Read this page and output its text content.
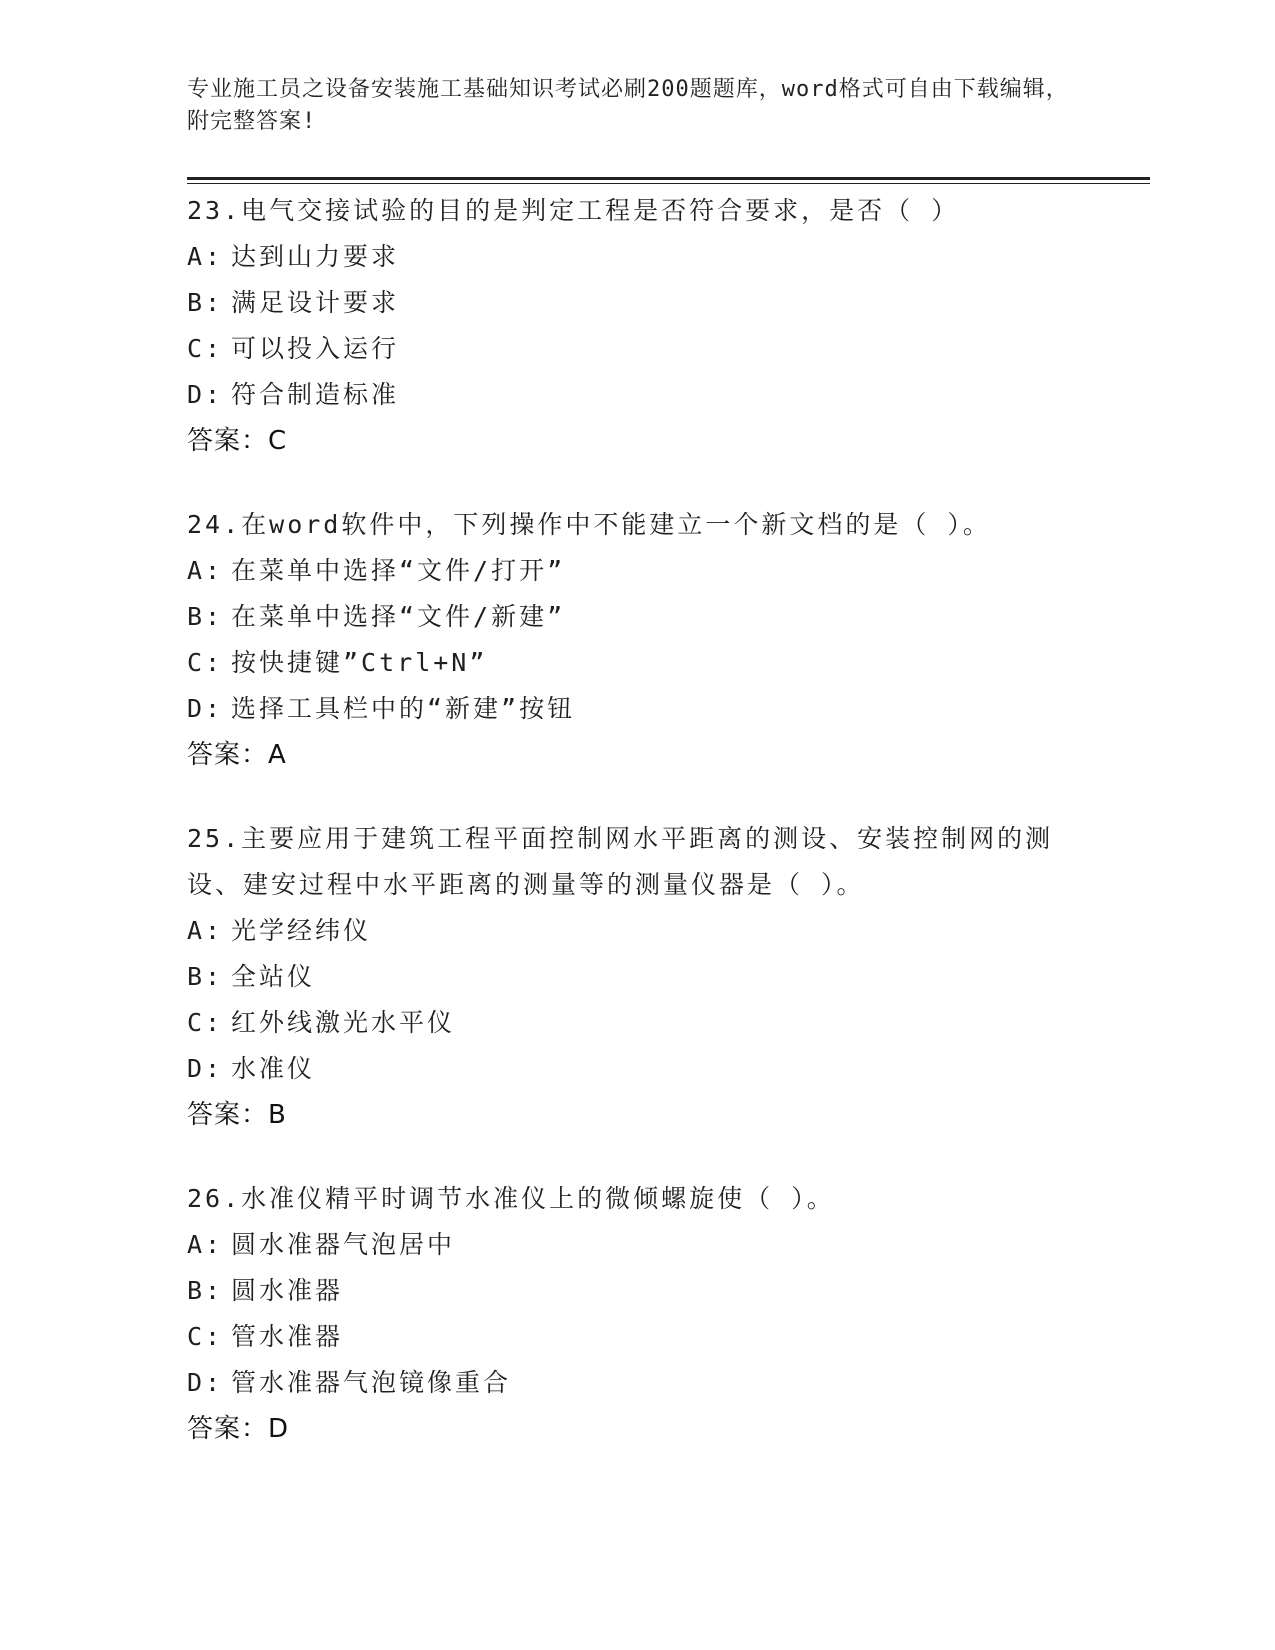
专业施工员之设备安装施工基础知识考试必刷200题题库，word格式可自由下载编辑，附完整答案!
23.电气交接试验的目的是判定工程是否符合要求，是否（ ）
A: 达到山力要求
B: 满足设计要求
C: 可以投入运行
D: 符合制造标准
答案：C
24.在word软件中，下列操作中不能建立一个新文档的是（ ）。
A: 在菜单中选择“文件/打开”
B: 在菜单中选择“文件/新建”
C: 按快捷键”Ctrl+N”
D: 选择工具栏中的“新建”按钮
答案：A
25.主要应用于建筑工程平面控制网水平距离的测设、安装控制网的测设、建安过程中水平距离的测量等的测量仪器是（ ）。
A: 光学经纬仪
B: 全站仪
C: 红外线激光水平仪
D: 水准仪
答案：B
26.水准仪精平时调节水准仪上的微倾螺旋使（ ）。
A: 圆水准器气泡居中
B: 圆水准器
C: 管水准器
D: 管水准器气泡镜像重合
答案：D
